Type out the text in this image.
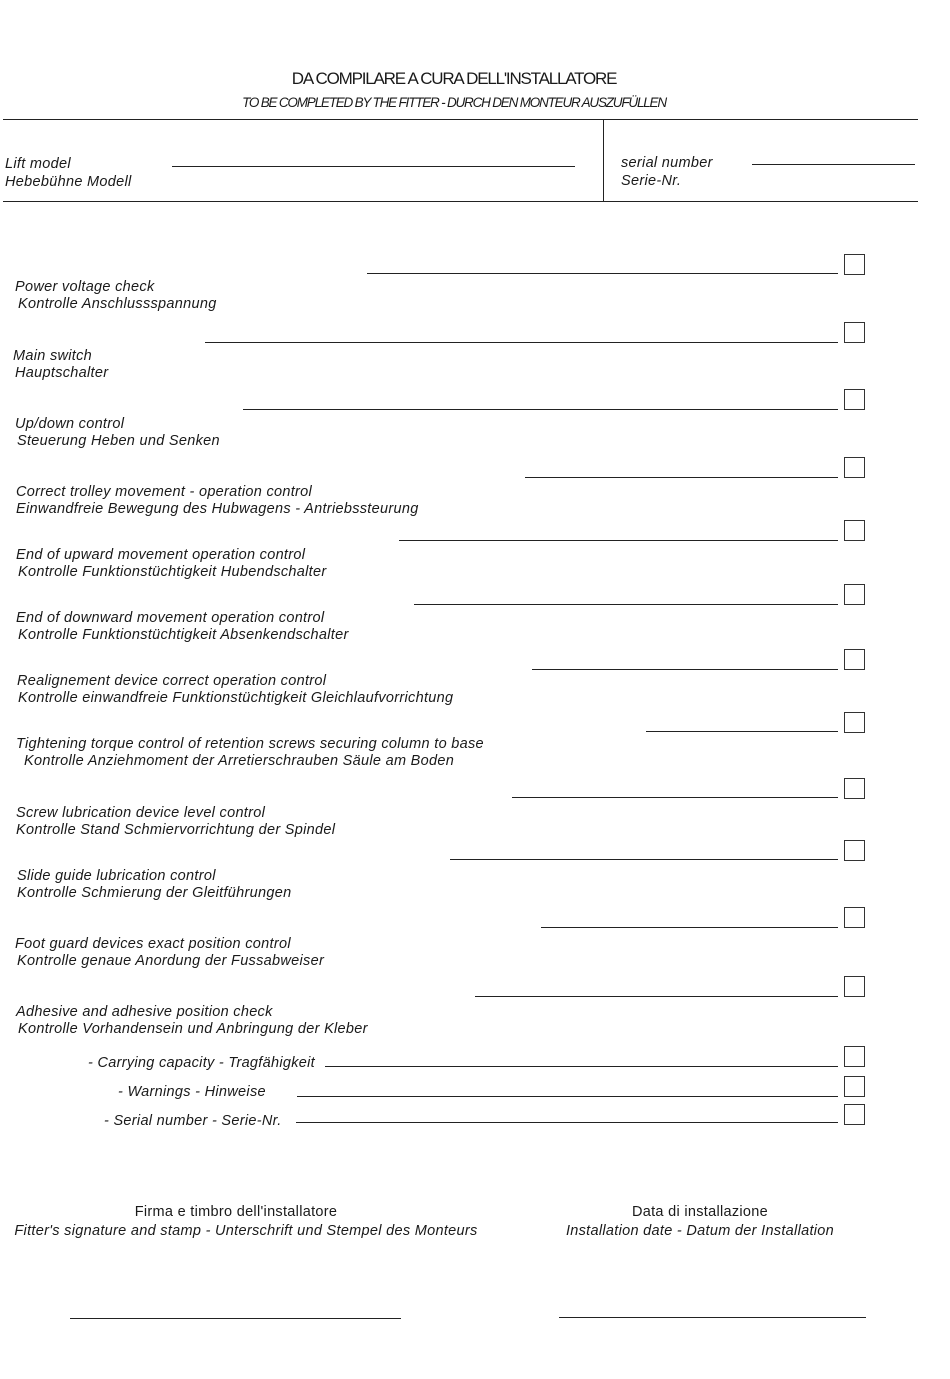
DA COMPILARE A CURA DELL'INSTALLATORE
TO BE COMPLETED BY THE FITTER - DURCH DEN MONTEUR AUSZUFÜLLEN
Lift model
Hebebühne Modell
serial number
Serie-Nr.
Power voltage check
Kontrolle Anschlussspannung
Main switch
Hauptschalter
Up/down control
Steuerung Heben und Senken
Correct trolley movement - operation control
Einwandfreie Bewegung des Hubwagens - Antriebssteurung
End of upward movement operation control
Kontrolle Funktionstüchtigkeit Hubendschalter
End of downward movement operation control
Kontrolle Funktionstüchtigkeit Absenkendschalter
Realignement device correct operation control
Kontrolle einwandfreie Funktionstüchtigkeit Gleichlaufvorrichtung
Tightening torque control of retention screws securing column to base
Kontrolle Anziehmoment der Arretierschrauben Säule am Boden
Screw lubrication device level control
Kontrolle Stand Schmiervorrichtung der Spindel
Slide guide lubrication control
Kontrolle Schmierung der Gleitführungen
Foot guard devices exact position control
Kontrolle genaue Anordung der Fussabweiser
Adhesive and adhesive position check
Kontrolle Vorhandensein und Anbringung der Kleber
- Carrying capacity - Tragfähigkeit
- Warnings - Hinweise
- Serial number - Serie-Nr.
Firma e timbro dell'installatore
Fitter's signature and stamp - Unterschrift und Stempel des Monteurs
Data di installazione
Installation date - Datum der Installation
